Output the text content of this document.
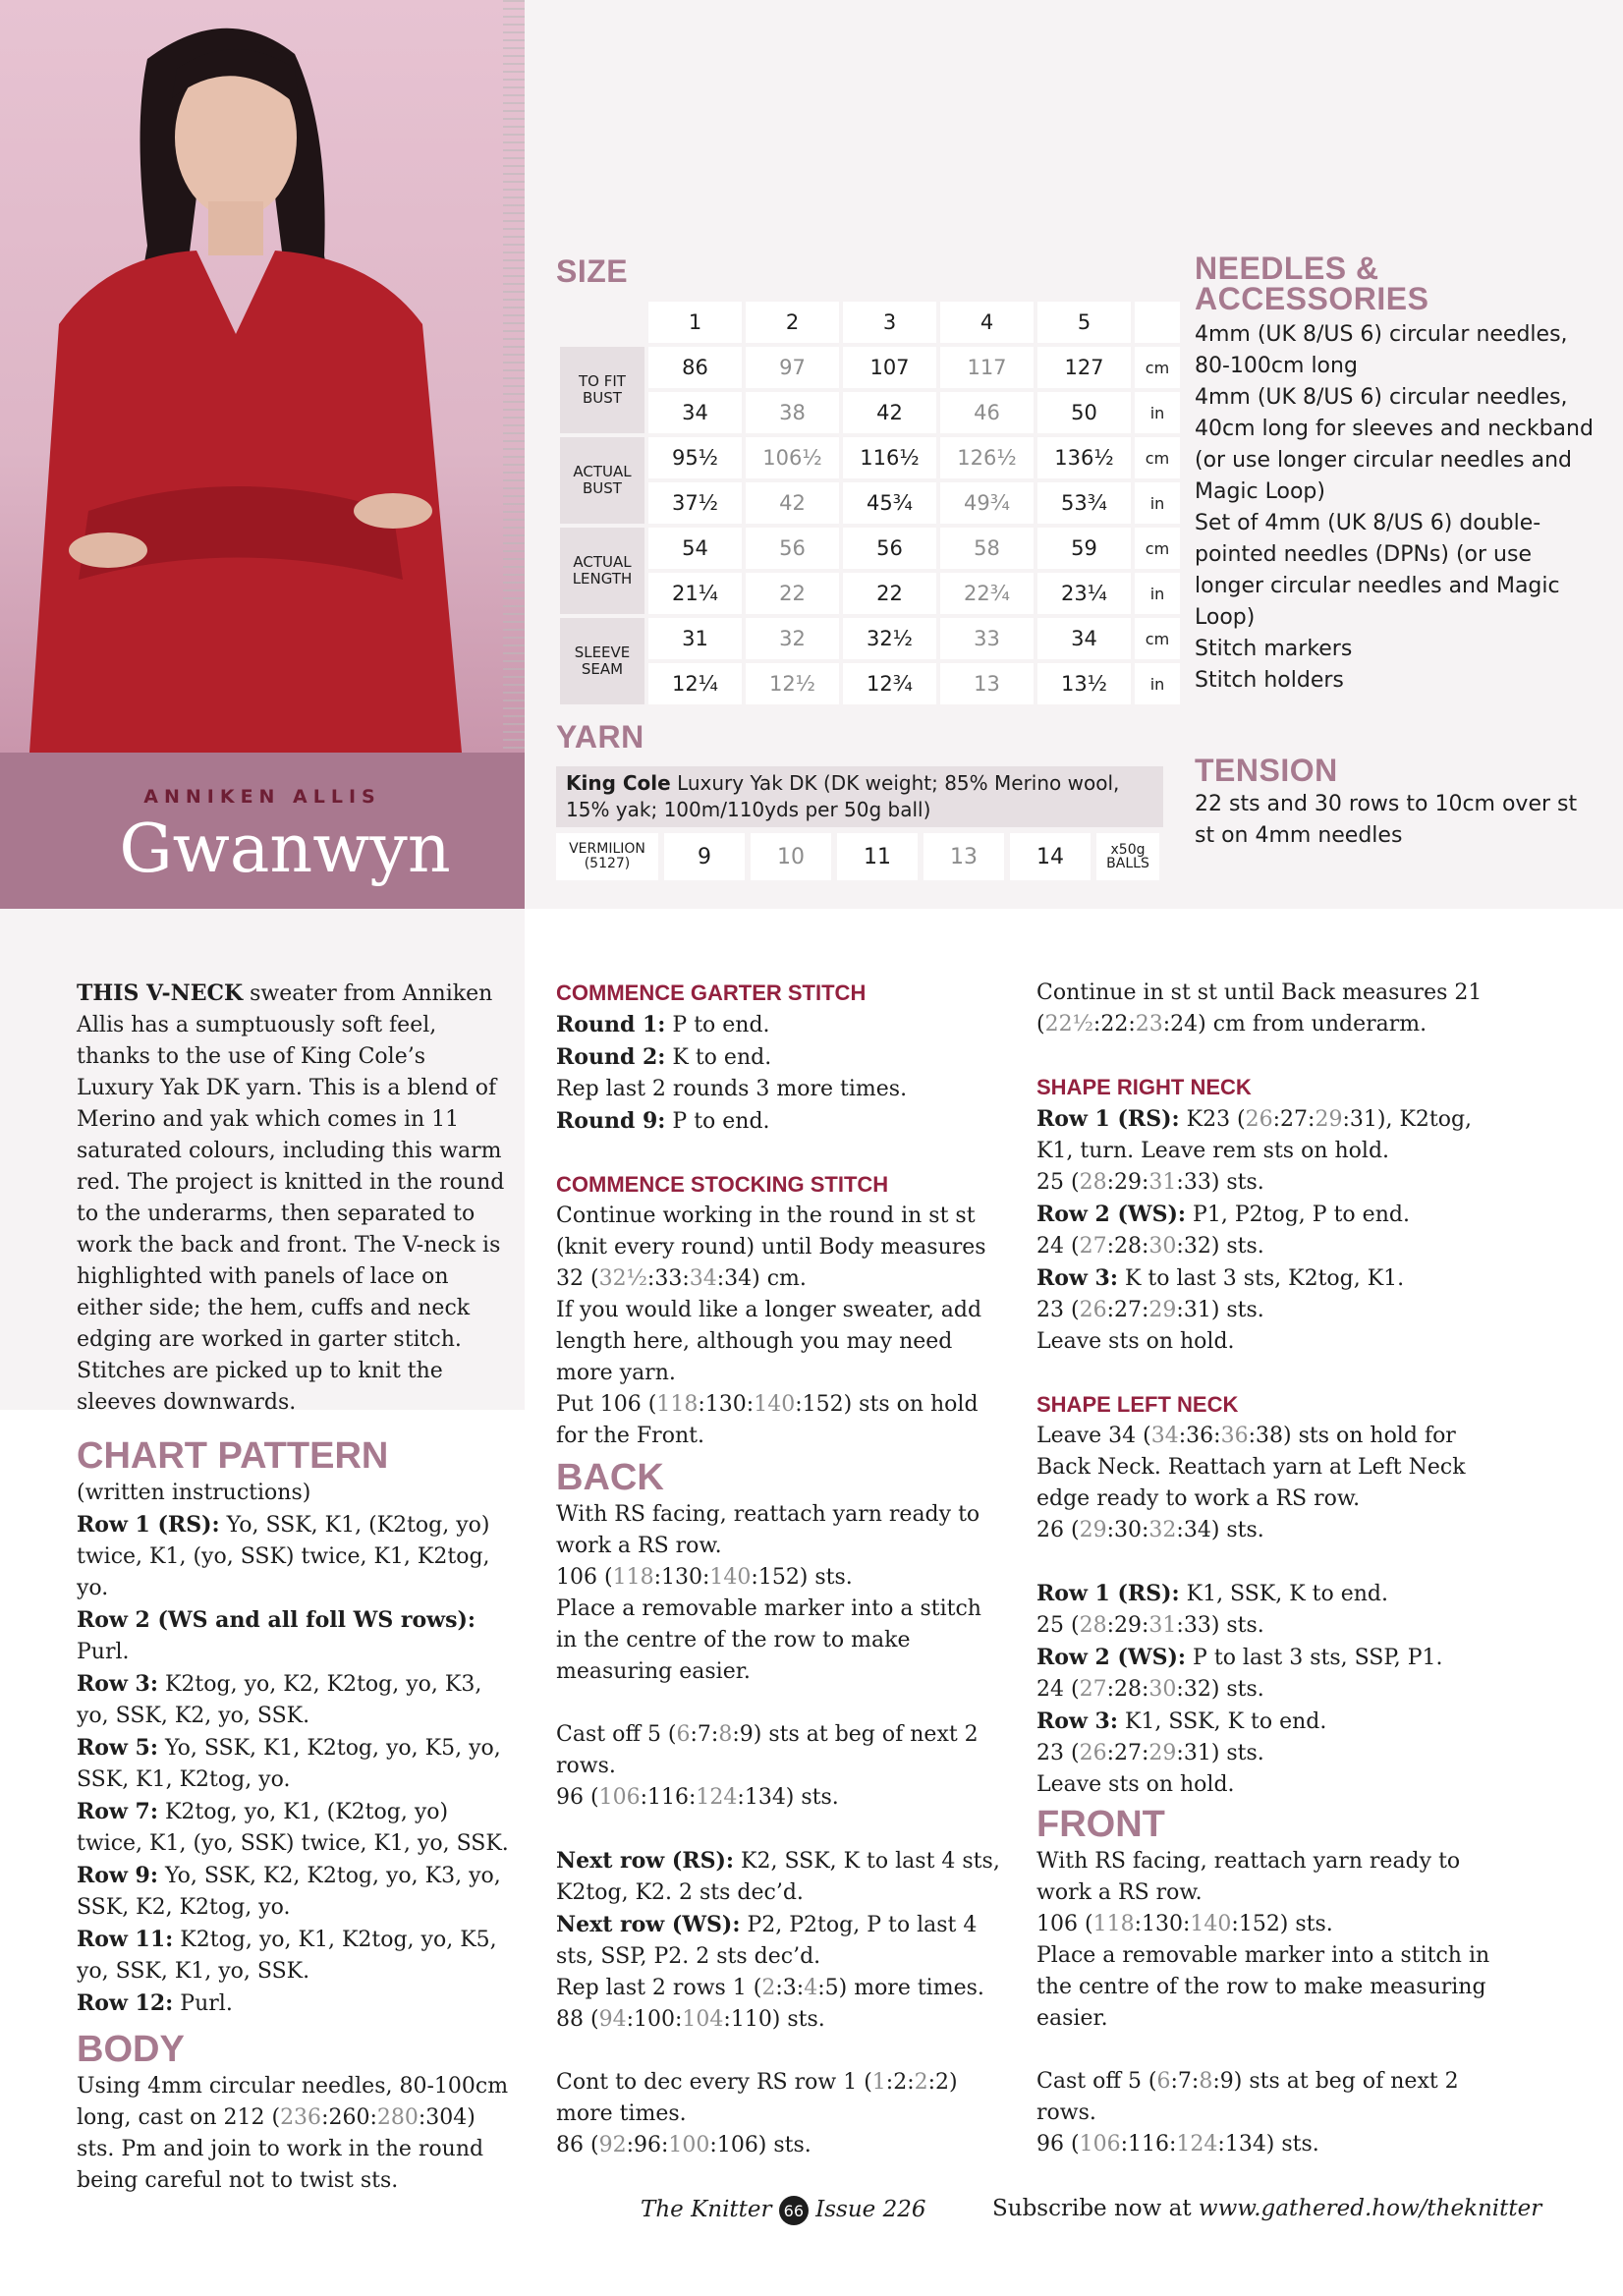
ANNIKEN ALLIS
Gwanwyn
SIZE
	1	2	3	4	5	
TO FIT BUST	86	97	107	117	127	cm
	34	38	42	46	50	in
ACTUAL BUST	95½	106½	116½	126½	136½	cm
	37½	42	45¾	49¾	53¾	in
ACTUAL LENGTH	54	56	56	58	59	cm
	21¼	22	22	22¾	23¼	in
SLEEVE SEAM	31	32	32½	33	34	cm
	12¼	12½	12¾	13	13½	in
YARN
King Cole Luxury Yak DK (DK weight; 85% Merino wool, 15% yak; 100m/110yds per 50g ball)
VERMILION
(5127)	9	10	11	13	14	x50g
BALLS
NEEDLES &
ACCESSORIES
4mm (UK 8/US 6) circular needles, 80-100cm long
4mm (UK 8/US 6) circular needles, 40cm long for sleeves and neckband (or use longer circular needles and Magic Loop)
Set of 4mm (UK 8/US 6) double-pointed needles (DPNs) (or use longer circular needles and Magic Loop)
Stitch markers
Stitch holders
TENSION
22 sts and 30 rows to 10cm over st st on 4mm needles

THIS V-NECK sweater from Anniken Allis has a sumptuously soft feel, thanks to the use of King Cole’s Luxury Yak DK yarn. This is a blend of Merino and yak which comes in 11 saturated colours, including this warm red. The project is knitted in the round to the underarms, then separated to work the back and front. The V-neck is highlighted with panels of lace on either side; the hem, cuffs and neck edging are worked in garter stitch. Stitches are picked up to knit the sleeves downwards.

CHART PATTERN

(written instructions)

Row 1 (RS): Yo, SSK, K1, (K2tog, yo) twice, K1, (yo, SSK) twice, K1, K2tog, yo.

Row 2 (WS and all foll WS rows): Purl.

Row 3: K2tog, yo, K2, K2tog, yo, K3, yo, SSK, K2, yo, SSK.

Row 5: Yo, SSK, K1, K2tog, yo, K5, yo, SSK, K1, K2tog, yo.

Row 7: K2tog, yo, K1, (K2tog, yo) twice, K1, (yo, SSK) twice, K1, yo, SSK.

Row 9: Yo, SSK, K2, K2tog, yo, K3, yo, SSK, K2, K2tog, yo.

Row 11: K2tog, yo, K1, K2tog, yo, K5, yo, SSK, K1, yo, SSK.

Row 12: Purl.

BODY

Using 4mm circular needles, 80-100cm long, cast on 212 (236:260:280:304) sts. Pm and join to work in the round being careful not to twist sts.

COMMENCE GARTER STITCH

Round 1: P to end.

Round 2: K to end.

Rep last 2 rounds 3 more times.

Round 9: P to end.

COMMENCE STOCKING STITCH

Continue working in the round in st st (knit every round) until Body measures 32 (32½:33:34:34) cm.

If you would like a longer sweater, add length here, although you may need more yarn.

Put 106 (118:130:140:152) sts on hold for the Front.

BACK

With RS facing, reattach yarn ready to work a RS row.

106 (118:130:140:152) sts.

Place a removable marker into a stitch in the centre of the row to make measuring easier.

Cast off 5 (6:7:8:9) sts at beg of next 2 rows.

96 (106:116:124:134) sts.

Next row (RS): K2, SSK, K to last 4 sts, K2tog, K2. 2 sts dec’d.

Next row (WS): P2, P2tog, P to last 4 sts, SSP, P2. 2 sts dec’d.

Rep last 2 rows 1 (2:3:4:5) more times.

88 (94:100:104:110) sts.

Cont to dec every RS row 1 (1:2:2:2) more times.

86 (92:96:100:106) sts.

Continue in st st until Back measures 21 (22½:22:23:24) cm from underarm.

SHAPE RIGHT NECK

Row 1 (RS): K23 (26:27:29:31), K2tog, K1, turn. Leave rem sts on hold.

25 (28:29:31:33) sts.

Row 2 (WS): P1, P2tog, P to end.

24 (27:28:30:32) sts.

Row 3: K to last 3 sts, K2tog, K1.

23 (26:27:29:31) sts.

Leave sts on hold.

SHAPE LEFT NECK

Leave 34 (34:36:36:38) sts on hold for Back Neck. Reattach yarn at Left Neck edge ready to work a RS row.

26 (29:30:32:34) sts.

Row 1 (RS): K1, SSK, K to end.

25 (28:29:31:33) sts.

Row 2 (WS): P to last 3 sts, SSP, P1.

24 (27:28:30:32) sts.

Row 3: K1, SSK, K to end.

23 (26:27:29:31) sts.

Leave sts on hold.

FRONT

With RS facing, reattach yarn ready to work a RS row.

106 (118:130:140:152) sts.

Place a removable marker into a stitch in the centre of the row to make measuring easier.

Cast off 5 (6:7:8:9) sts at beg of next 2 rows.

96 (106:116:124:134) sts.

The Knitter 66 Issue 226	Subscribe now at www.gathered.how/theknitter
